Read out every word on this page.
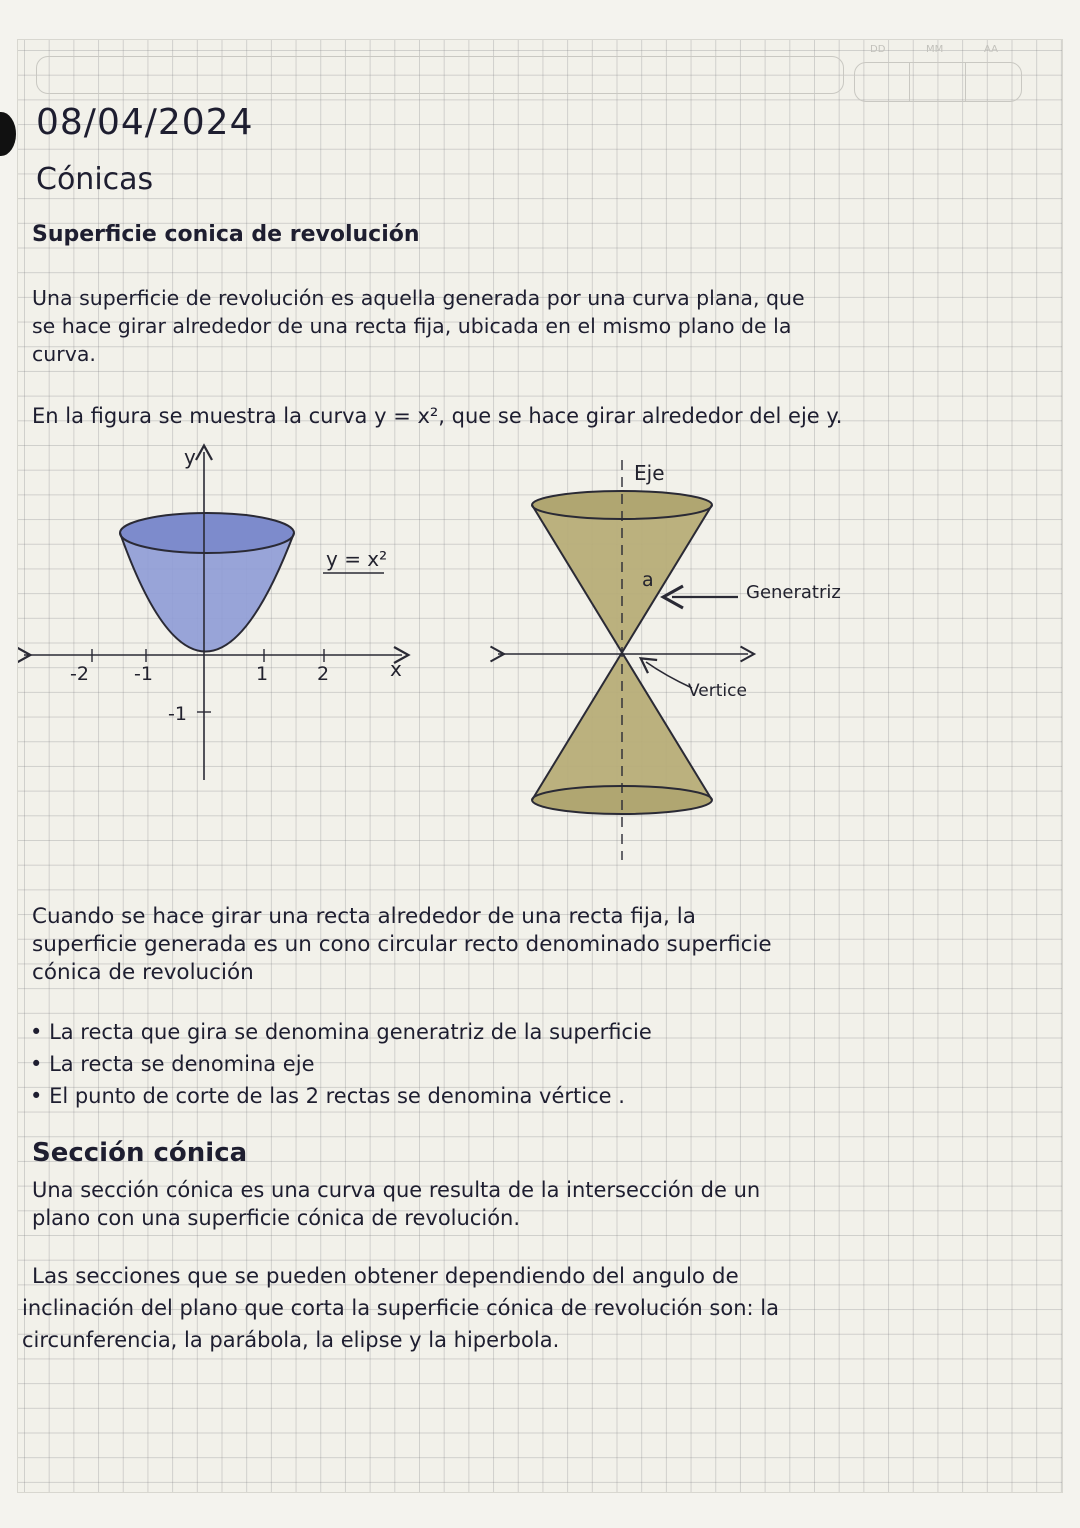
DD	MM	AA
08/04/2024
Cónicas
Superficie conica de revolución
Una superficie de revolución es aquella generada por una curva plana, que
se hace girar alrededor de una recta fija, ubicada en el mismo plano de la
curva.
En la figura se muestra la curva y = x², que se hace girar alrededor del eje y.
y
x
y = x²
-2 -1	1	2
-1
Eje
a
Generatriz
Vertice
Cuando se hace girar una recta alrededor de una recta fija, la
superficie generada es un cono circular recto denominado superficie
cónica de revolución
• La recta que gira se denomina generatriz de la superficie
• La recta se denomina eje
• El punto de corte de las 2 rectas se denomina vértice .
Sección cónica
Una sección cónica es una curva que resulta de la intersección de un
plano con una superficie cónica de revolución.
Las secciones que se pueden obtener dependiendo del angulo de
inclinación del plano que corta la superficie cónica de revolución son: la
circunferencia, la parábola, la elipse y la hiperbola.
